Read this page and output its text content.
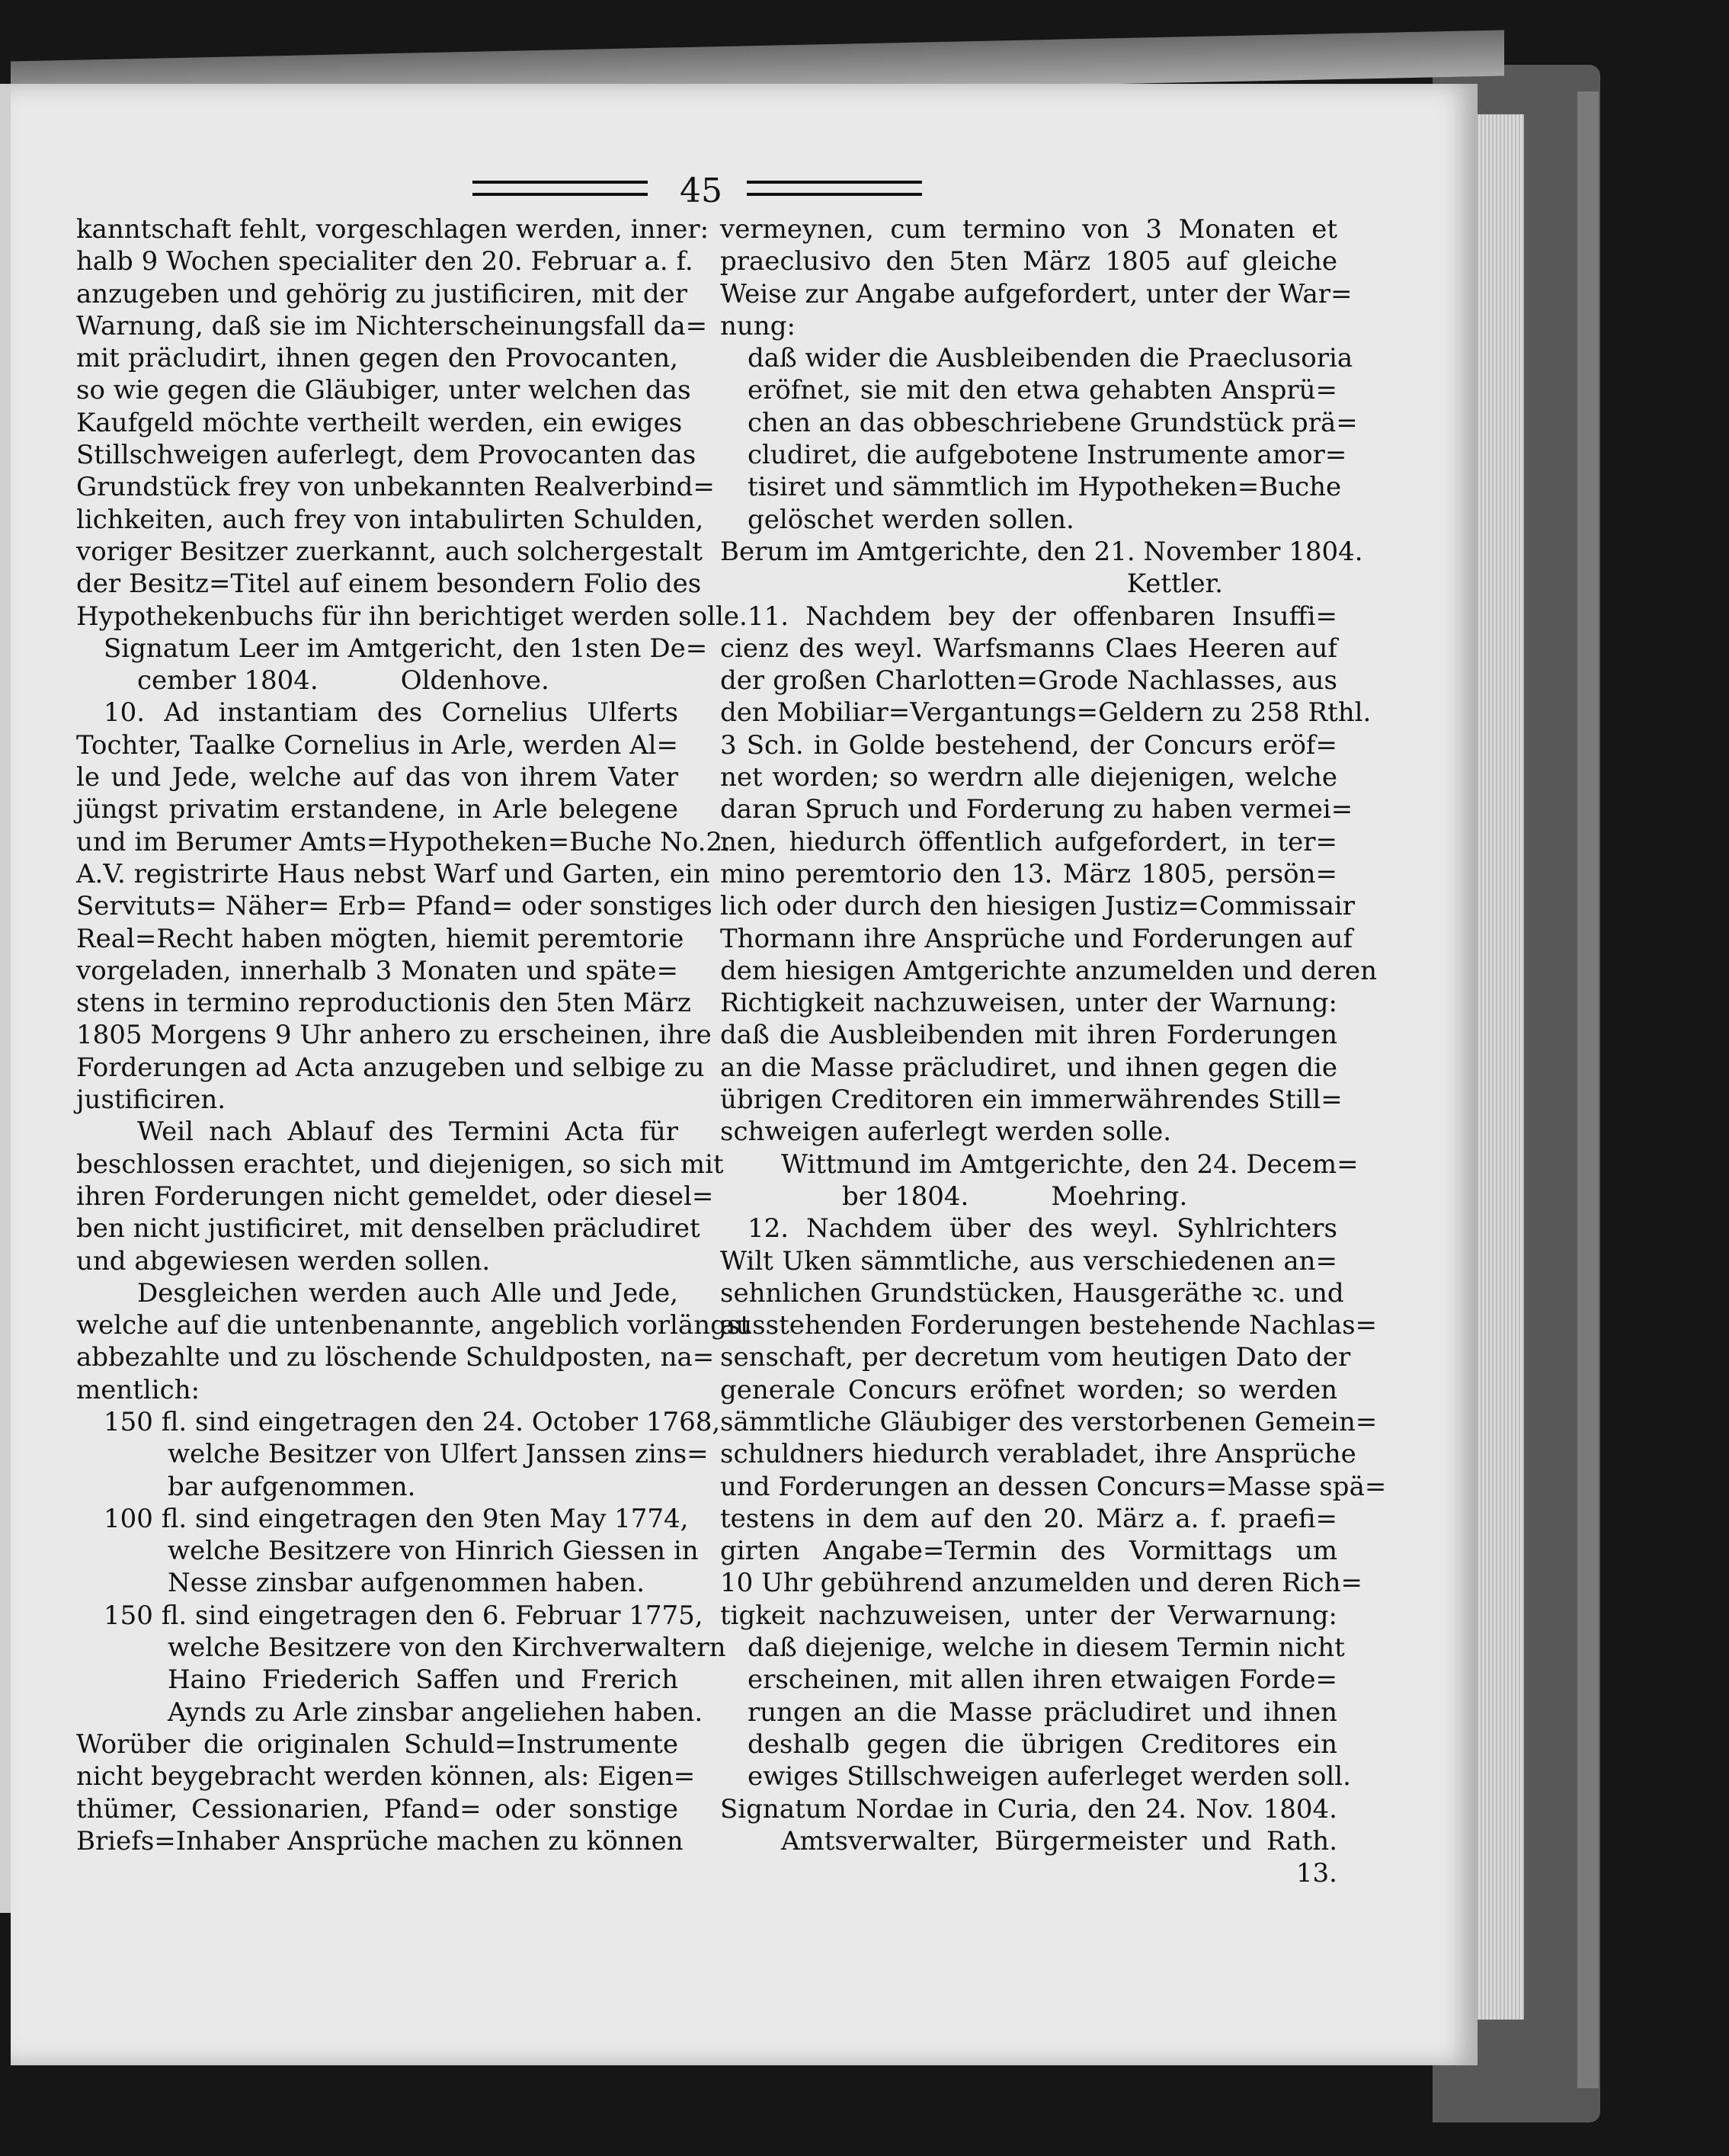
45
kanntschaft fehlt, vorgeschlagen werden, inner:
halb 9 Wochen specialiter den 20. Februar a. f.
anzugeben und gehörig zu justificiren, mit der
Warnung, daß sie im Nichterscheinungsfall da=
mit präcludirt, ihnen gegen den Provocanten,
so wie gegen die Gläubiger, unter welchen das
Kaufgeld möchte vertheilt werden, ein ewiges
Stillschweigen auferlegt, dem Provocanten das
Grundstück frey von unbekannten Realverbind=
lichkeiten, auch frey von intabulirten Schulden,
voriger Besitzer zuerkannt, auch solchergestalt
der Besitz=Titel auf einem besondern Folio des
Hypothekenbuchs für ihn berichtiget werden solle.
Signatum Leer im Amtgericht, den 1sten De=
cember 1804.          Oldenhove.
10. Ad instantiam des Cornelius Ulferts
Tochter, Taalke Cornelius in Arle, werden Al=
le und Jede, welche auf das von ihrem Vater
jüngst privatim erstandene, in Arle belegene
und im Berumer Amts=Hypotheken=Buche No.2.
A.V. registrirte Haus nebst Warf und Garten, ein
Servituts= Näher= Erb= Pfand= oder sonstiges
Real=Recht haben mögten, hiemit peremtorie
vorgeladen, innerhalb 3 Monaten und späte=
stens in termino reproductionis den 5ten März
1805 Morgens 9 Uhr anhero zu erscheinen, ihre
Forderungen ad Acta anzugeben und selbige zu
justificiren.
Weil nach Ablauf des Termini Acta für
beschlossen erachtet, und diejenigen, so sich mit
ihren Forderungen nicht gemeldet, oder diesel=
ben nicht justificiret, mit denselben präcludiret
und abgewiesen werden sollen.
Desgleichen werden auch Alle und Jede,
welche auf die untenbenannte, angeblich vorlängst
abbezahlte und zu löschende Schuldposten, na=
mentlich:
150 fl. sind eingetragen den 24. October 1768,
welche Besitzer von Ulfert Janssen zins=
bar aufgenommen.
100 fl. sind eingetragen den 9ten May 1774,
welche Besitzere von Hinrich Giessen in
Nesse zinsbar aufgenommen haben.
150 fl. sind eingetragen den 6. Februar 1775,
welche Besitzere von den Kirchverwaltern
Haino Friederich Saffen und Frerich
Aynds zu Arle zinsbar angeliehen haben.
Worüber die originalen Schuld=Instrumente
nicht beygebracht werden können, als: Eigen=
thümer, Cessionarien, Pfand= oder sonstige
Briefs=Inhaber Ansprüche machen zu können
vermeynen, cum termino von 3 Monaten et
praeclusivo den 5ten März 1805 auf gleiche
Weise zur Angabe aufgefordert, unter der War=
nung:
daß wider die Ausbleibenden die Praeclusoria
eröfnet, sie mit den etwa gehabten Ansprü=
chen an das obbeschriebene Grundstück prä=
cludiret, die aufgebotene Instrumente amor=
tisiret und sämmtlich im Hypotheken=Buche
gelöschet werden sollen.
Berum im Amtgerichte, den 21. November 1804.
Kettler.
11. Nachdem bey der offenbaren Insuffi=
cienz des weyl. Warfsmanns Claes Heeren auf
der großen Charlotten=Grode Nachlasses, aus
den Mobiliar=Vergantungs=Geldern zu 258 Rthl.
3 Sch. in Golde bestehend, der Concurs eröf=
net worden; so werdrn alle diejenigen, welche
daran Spruch und Forderung zu haben vermei=
nen, hiedurch öffentlich aufgefordert, in ter=
mino peremtorio den 13. März 1805, persön=
lich oder durch den hiesigen Justiz=Commissair
Thormann ihre Ansprüche und Forderungen auf
dem hiesigen Amtgerichte anzumelden und deren
Richtigkeit nachzuweisen, unter der Warnung:
daß die Ausbleibenden mit ihren Forderungen
an die Masse präcludiret, und ihnen gegen die
übrigen Creditoren ein immerwährendes Still=
schweigen auferlegt werden solle.
Wittmund im Amtgerichte, den 24. Decem=
ber 1804.          Moehring.
12. Nachdem über des weyl. Syhlrichters
Wilt Uken sämmtliche, aus verschiedenen an=
sehnlichen Grundstücken, Hausgeräthe ꝛc. und
ausstehenden Forderungen bestehende Nachlas=
senschaft, per decretum vom heutigen Dato der
generale Concurs eröfnet worden; so werden
sämmtliche Gläubiger des verstorbenen Gemein=
schuldners hiedurch verabladet, ihre Ansprüche
und Forderungen an dessen Concurs=Masse spä=
testens in dem auf den 20. März a. f. praefi=
girten Angabe=Termin des Vormittags um
10 Uhr gebührend anzumelden und deren Rich=
tigkeit nachzuweisen, unter der Verwarnung:
daß diejenige, welche in diesem Termin nicht
erscheinen, mit allen ihren etwaigen Forde=
rungen an die Masse präcludiret und ihnen
deshalb gegen die übrigen Creditores ein
ewiges Stillschweigen auferleget werden soll.
Signatum Nordae in Curia, den 24. Nov. 1804.
Amtsverwalter, Bürgermeister und Rath.
13.
